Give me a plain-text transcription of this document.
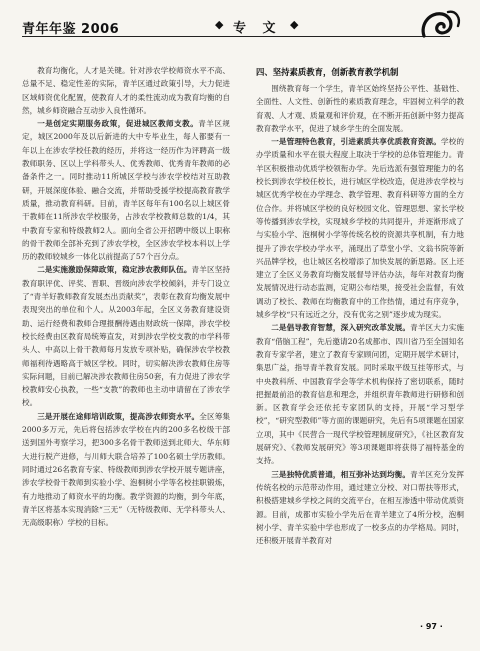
青年年鉴 2006	◆ 专 文 ◆

教育均衡化，人才是关键。针对涉农学校师资水平不高、总量不足、稳定性差的实际，青羊区通过政策引导，大力促进区域师资优化配置，使教育人才的柔性流动成为教育均衡的自然，城乡师资融合互动步入良性循环。

一是创定实期服务政策，促进城区教师支教。青羊区规定，城区2000年及以后新进的大中专毕业生，每人都要有一年以上在涉农学校任教的经历，并将这一经历作为评聘高一级教师职务、区以上学科带头人、优秀教师、优秀青年教师的必备条件之一。同时推动11所城区学校与涉农学校结对互助教研，开展深度体验、融合交流，并帮助受援学校提高教育教学质量，推动教育科研。目前，青羊区每年有100名以上城区骨干教师在11所涉农学校服务，占涉农学校教师总数的1/4，其中教育专家和特级教师2人。面向全省公开招聘中级以上职称的骨干教师全部补充到了涉农学校，全区涉农学校本科以上学历的教师较城乡一体化以前提高了57个百分点。

二是实施激励保障政策，稳定涉农教师队伍。青羊区坚持教育职评优、评奖、晋职、晋级向涉农学校倾斜，并专门设立了“青羊好教师教育发展杰出贡献奖”，表彰在教育均衡发展中表现突出的单位和个人。从2003年起，全区义务教育建设资助、运行经费和教师合理报酬待遇由财政统一保障，涉农学校校长经费由区教育局统筹直发，对到涉农学校支教的市学科带头人、中高以上骨干教师每月发放专项补贴，确保涉农学校教师福利待遇略高于城区学校。同时，切实解决涉农教师住房等实际问题，目前已解决涉农教师住房50套，有力促进了涉农学校教师安心执教，一些“支教”的教师也主动申请留在了涉农学校。

三是开展在途师培训政策，提高涉农师资水平。全区筹集2000多万元，先后将包括涉农学校在内的200多名校级干部送到国外考察学习，把300多名骨干教师送到北师大、华东师大进行脱产进修，与川师大联合培养了100名硕士学历教师。同时通过26名教育专家、特级教师到涉农学校开展专题讲座，涉农学校骨干教师到实验小学、泡桐树小学等名校挂职锻炼，有力地推动了师资水平的均衡。教学资源的均衡，到今年底，青羊区将基本实现消除“三无”（无特级教师、无学科带头人、无高级职称）学校的目标。

四、坚持素质教育，创新教育教学机制

围绕教育每一个学生，青羊区始终坚持公平性、基础性、全面性、人文性、创新性的素质教育理念，牢固树立科学的教育观、人才观、质量观和评价观，在不断开拓创新中努力提高教育教学水平，促进了城乡学生的全面发展。

一是管理特色教育，引进素质共享优质教育资源。学校的办学质量和水平在很大程度上取决于学校的总体管理能力。青羊区积极推动优质学校领衔办学。先后选派有强管理能力的名校长到涉农学校任校长，进行城区学校改造，促进涉农学校与城区优秀学校在办学理念、教学管理、教育科研等方面的全方位合作。并将城区学校的良好校园文化、管理思想、家长学校等传播到涉农学校，实现城乡学校的共同提升，并逐渐形成了与实验小学、泡桐树小学等传统名校的资源共享机制，有力地提升了涉农学校办学水平，涌现出了草堂小学、文翁书院等新兴品牌学校，也让城区名校增添了加快发展的新思路。区上还建立了全区义务教育均衡发展督导评估办法，每年对教育均衡发展情况进行动态监测，定期公布结果，接受社会监督，有效调动了校长、教师在均衡教育中的工作热情，通过有序竞争，城乡学校“只有远近之分，没有优劣之别”逐步成为现实。

二是倡导教育智慧，深入研究改革发展。青羊区大力实施教育“借脑工程”，先后邀请20名成都市、四川省乃至全国知名教育专家学者，建立了教育专家顾问团，定期开展学术研讨，集思广益，指导青羊教育发展。同时采取平级互挂等形式，与中央教科所、中国教育学会等学术机构保持了密切联系，随时把握最前沿的教育信息和理念，并组织青年教师进行研修和创新。区教育学会还依托专家团队的支持，开展“学习型学校”，“研究型教师”等方面的课题研究，先后有5项课题在国家立项，其中《民营合一现代学校管理制度研究》，《社区教育发展研究》、《教师发展研究》等3项课题即将获得了福特基金的支持。

三是独特优质普通，相互弥补达到均衡。青羊区充分发挥传统名校的示范带动作用，通过建立分校、对口帮扶等形式，积极搭建城乡学校之间的交流平台，在相互渗透中带动优质资源。目前，成都市实验小学先后在青羊建立了4所分校，泡桐树小学、青羊实验中学也形成了一校多点的办学格局。同时，还积极开展青羊教育对

· 97 ·
